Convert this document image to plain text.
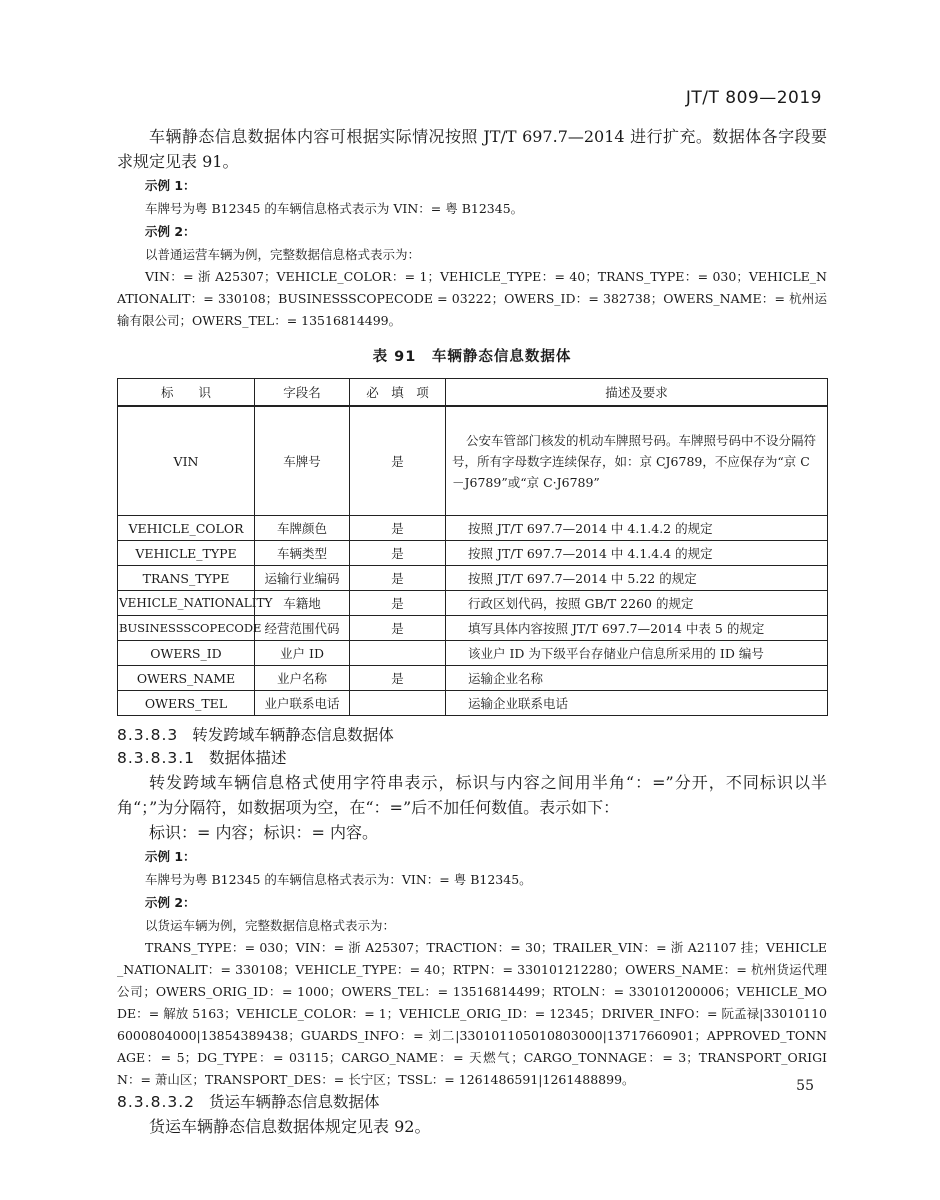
JT/T 809—2019

车辆静态信息数据体内容可根据实际情况按照 JT/T 697.7—2014 进行扩充。数据体各字段要求规定见表 91。

示例 1：

车牌号为粤 B12345 的车辆信息格式表示为 VIN：= 粤 B12345。

示例 2：

以普通运营车辆为例，完整数据信息格式表示为：

VIN：= 浙 A25307；VEHICLE_COLOR：= 1；VEHICLE_TYPE：= 40；TRANS_TYPE：= 030；VEHICLE_NATIONALIT：= 330108；BUSINESSSCOPECODE = 03222；OWERS_ID：= 382738；OWERS_NAME：= 杭州运输有限公司；OWERS_TEL：= 13516814499。

表 91　车辆静态信息数据体
标　　识	字段名	必　填　项	描述及要求
VIN	车牌号	是	公安车管部门核发的机动车牌照号码。车牌照号码中不设分隔符号，所有字母数字连续保存，如：京 CJ6789，不应保存为“京 C－J6789”或“京 C·J6789”
VEHICLE_COLOR	车牌颜色	是	按照 JT/T 697.7—2014 中 4.1.4.2 的规定
VEHICLE_TYPE	车辆类型	是	按照 JT/T 697.7—2014 中 4.1.4.4 的规定
TRANS_TYPE	运输行业编码	是	按照 JT/T 697.7—2014 中 5.22 的规定
VEHICLE_NATIONALITY	车籍地	是	行政区划代码，按照 GB/T 2260 的规定
BUSINESSSCOPECODE	经营范围代码	是	填写具体内容按照 JT/T 697.7—2014 中表 5 的规定
OWERS_ID	业户 ID		该业户 ID 为下级平台存储业户信息所采用的 ID 编号
OWERS_NAME	业户名称	是	运输企业名称
OWERS_TEL	业户联系电话		运输企业联系电话
8.3.8.3 转发跨域车辆静态信息数据体
8.3.8.3.1 数据体描述

转发跨域车辆信息格式使用字符串表示，标识与内容之间用半角“：=”分开，不同标识以半角“；”为分隔符，如数据项为空，在“：=”后不加任何数值。表示如下：

标识：= 内容；标识：= 内容。

示例 1：

车牌号为粤 B12345 的车辆信息格式表示为：VIN：= 粤 B12345。

示例 2：

以货运车辆为例，完整数据信息格式表示为：

TRANS_TYPE：= 030；VIN：= 浙 A25307；TRACTION：= 30；TRAILER_VIN：= 浙 A21107 挂；VEHICLE_NATIONALIT：= 330108；VEHICLE_TYPE：= 40；RTPN：= 330101212280；OWERS_NAME：= 杭州货运代理公司；OWERS_ORIG_ID：= 1000；OWERS_TEL：= 13516814499；RTOLN：= 330101200006；VEHICLE_MODE：= 解放 5163；VEHICLE_COLOR：= 1；VEHICLE_ORIG_ID：= 12345；DRIVER_INFO：= 阮孟禄|330101106000804000|13854389438；GUARDS_INFO：= 刘二|330101105010803000|13717660901；APPROVED_TONNAGE：= 5；DG_TYPE：= 03115；CARGO_NAME：= 天燃气；CARGO_TONNAGE：= 3；TRANSPORT_ORIGIN：= 萧山区；TRANSPORT_DES：= 长宁区；TSSL：= 1261486591|1261488899。

8.3.8.3.2 货运车辆静态信息数据体

货运车辆静态信息数据体规定见表 92。

55
